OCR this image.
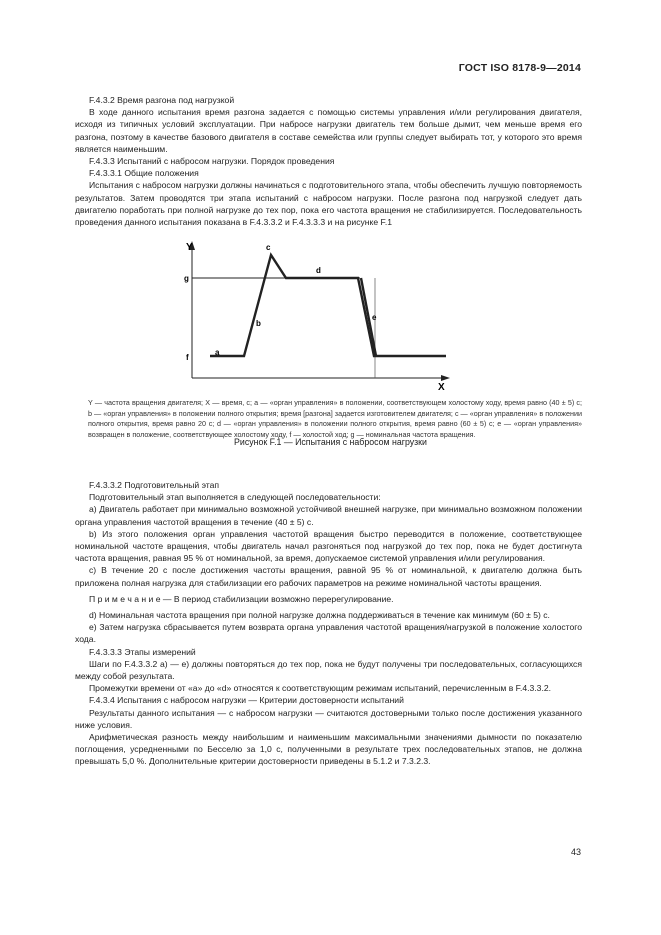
ГОСТ ISO 8178-9—2014

F.4.3.2 Время разгона под нагрузкой

В ходе данного испытания время разгона задается с помощью системы управления и/или регулирования двигателя, исходя из типичных условий эксплуатации. При набросе нагрузки двигатель тем больше дымит, чем меньше время его разгона, поэтому в качестве базового двигателя в составе семейства или группы следует выбирать тот, у которого это время является наименьшим.

F.4.3.3 Испытаний с набросом нагрузки. Порядок проведения

F.4.3.3.1 Общие положения

Испытания с набросом нагрузки должны начинаться с подготовительного этапа, чтобы обеспечить лучшую повторяемость результатов. Затем проводятся три этапа испытаний с набросом нагрузки. После разгона под нагрузкой следует дать двигателю поработать при полной нагрузке до тех пор, пока его частота вращения не стабилизируется. Последовательность проведения данного испытания показана в F.4.3.3.2 и F.4.3.3.3 и на рисунке F.1

Y
X
g
f
a
b
c
d
e
Y — частота вращения двигателя; X — время, с; a — «орган управления» в положении, соответствующем холостому ходу, время равно (40 ± 5) с; b — «орган управления» в положении полного открытия; время [разгона] задается изготовителем двигателя; c — «орган управления» в положении полного открытия, время равно 20 с; d — «орган управления» в положении полного открытия, время равно (60 ± 5) с; e — «орган управления» возвращен в положение, соответствующее холостому ходу, f — холостой ход; g — номинальная частота вращения.
Рисунок F.1 — Испытания с набросом нагрузки

F.4.3.3.2 Подготовительный этап

Подготовительный этап выполняется в следующей последовательности:

a) Двигатель работает при минимально возможной устойчивой внешней нагрузке, при минимально возможном положении органа управления частотой вращения в течение (40 ± 5) с.

b) Из этого положения орган управления частотой вращения быстро переводится в положение, соответствующее номинальной частоте вращения, чтобы двигатель начал разгоняться под нагрузкой до тех пор, пока не будет достигнута частота вращения, равная 95 % от номинальной, за время, допускаемое системой управления и/или регулирования.

c) В течение 20 с после достижения частоты вращения, равной 95 % от номинальной, к двигателю должна быть приложена полная нагрузка для стабилизации его рабочих параметров на режиме номинальной частоты вращения.

П р и м е ч а н и е — В период стабилизации возможно перерегулирование.

d) Номинальная частота вращения при полной нагрузке должна поддерживаться в течение как минимум (60 ± 5) с.

e) Затем нагрузка сбрасывается путем возврата органа управления частотой вращения/нагрузкой в положение холостого хода.

F.4.3.3.3 Этапы измерений

Шаги по F.4.3.3.2 а) — е) должны повторяться до тех пор, пока не будут получены три последовательных, согласующихся между собой результата.

Промежутки времени от «a» до «d» относятся к соответствующим режимам испытаний, перечисленным в F.4.3.3.2.

F.4.3.4 Испытания с набросом нагрузки — Критерии достоверности испытаний

Результаты данного испытания — с набросом нагрузки — считаются достоверными только после достижения указанного ниже условия.

Арифметическая разность между наибольшим и наименьшим максимальными значениями дымности по показателю поглощения, усредненными по Бесселю за 1,0 с, полученными в результате трех последовательных этапов, не должна превышать 5,0 %. Дополнительные критерии достоверности приведены в 5.1.2 и 7.3.2.3.

43
